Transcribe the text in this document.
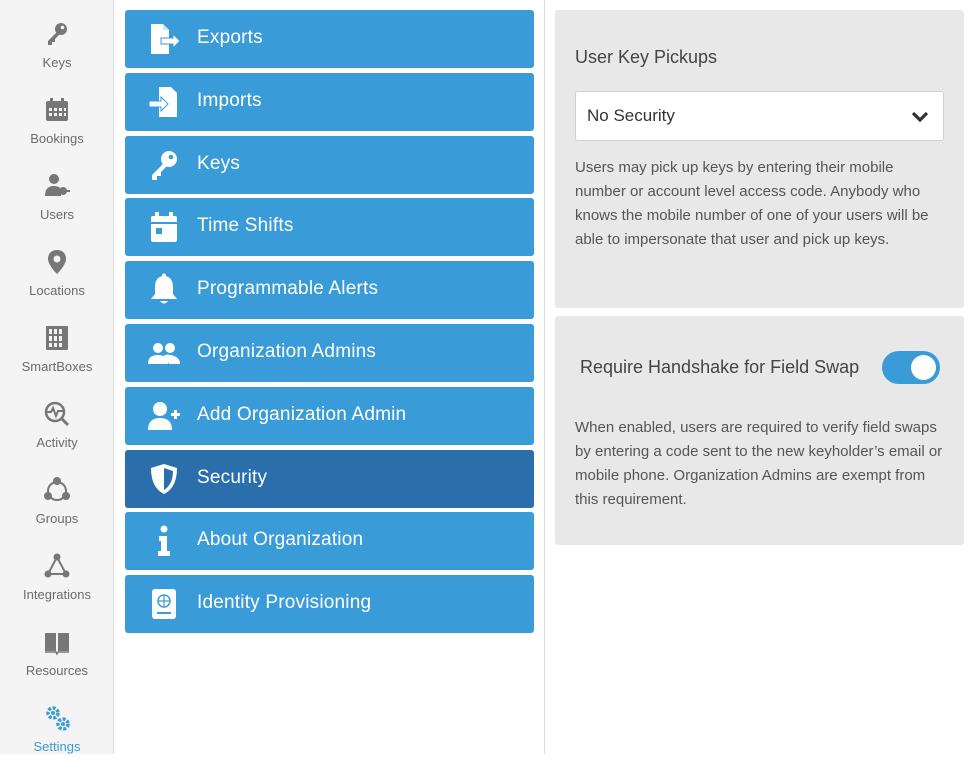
Keys
Bookings
Users
Locations
SmartBoxes
Activity
Groups
Integrations
Resources
Settings
Exports
Imports
Keys
Time Shifts
Programmable Alerts
Organization Admins
Add Organization Admin
Security
About Organization
Identity Provisioning
User Key Pickups
No Security
Users may pick up keys by entering their mobile number or account level access code. Anybody who knows the mobile number of one of your users will be able to impersonate that user and pick up keys.
Require Handshake for Field Swap
When enabled, users are required to verify field swaps by entering a code sent to the new keyholder’s email or mobile phone. Organization Admins are exempt from this requirement.
